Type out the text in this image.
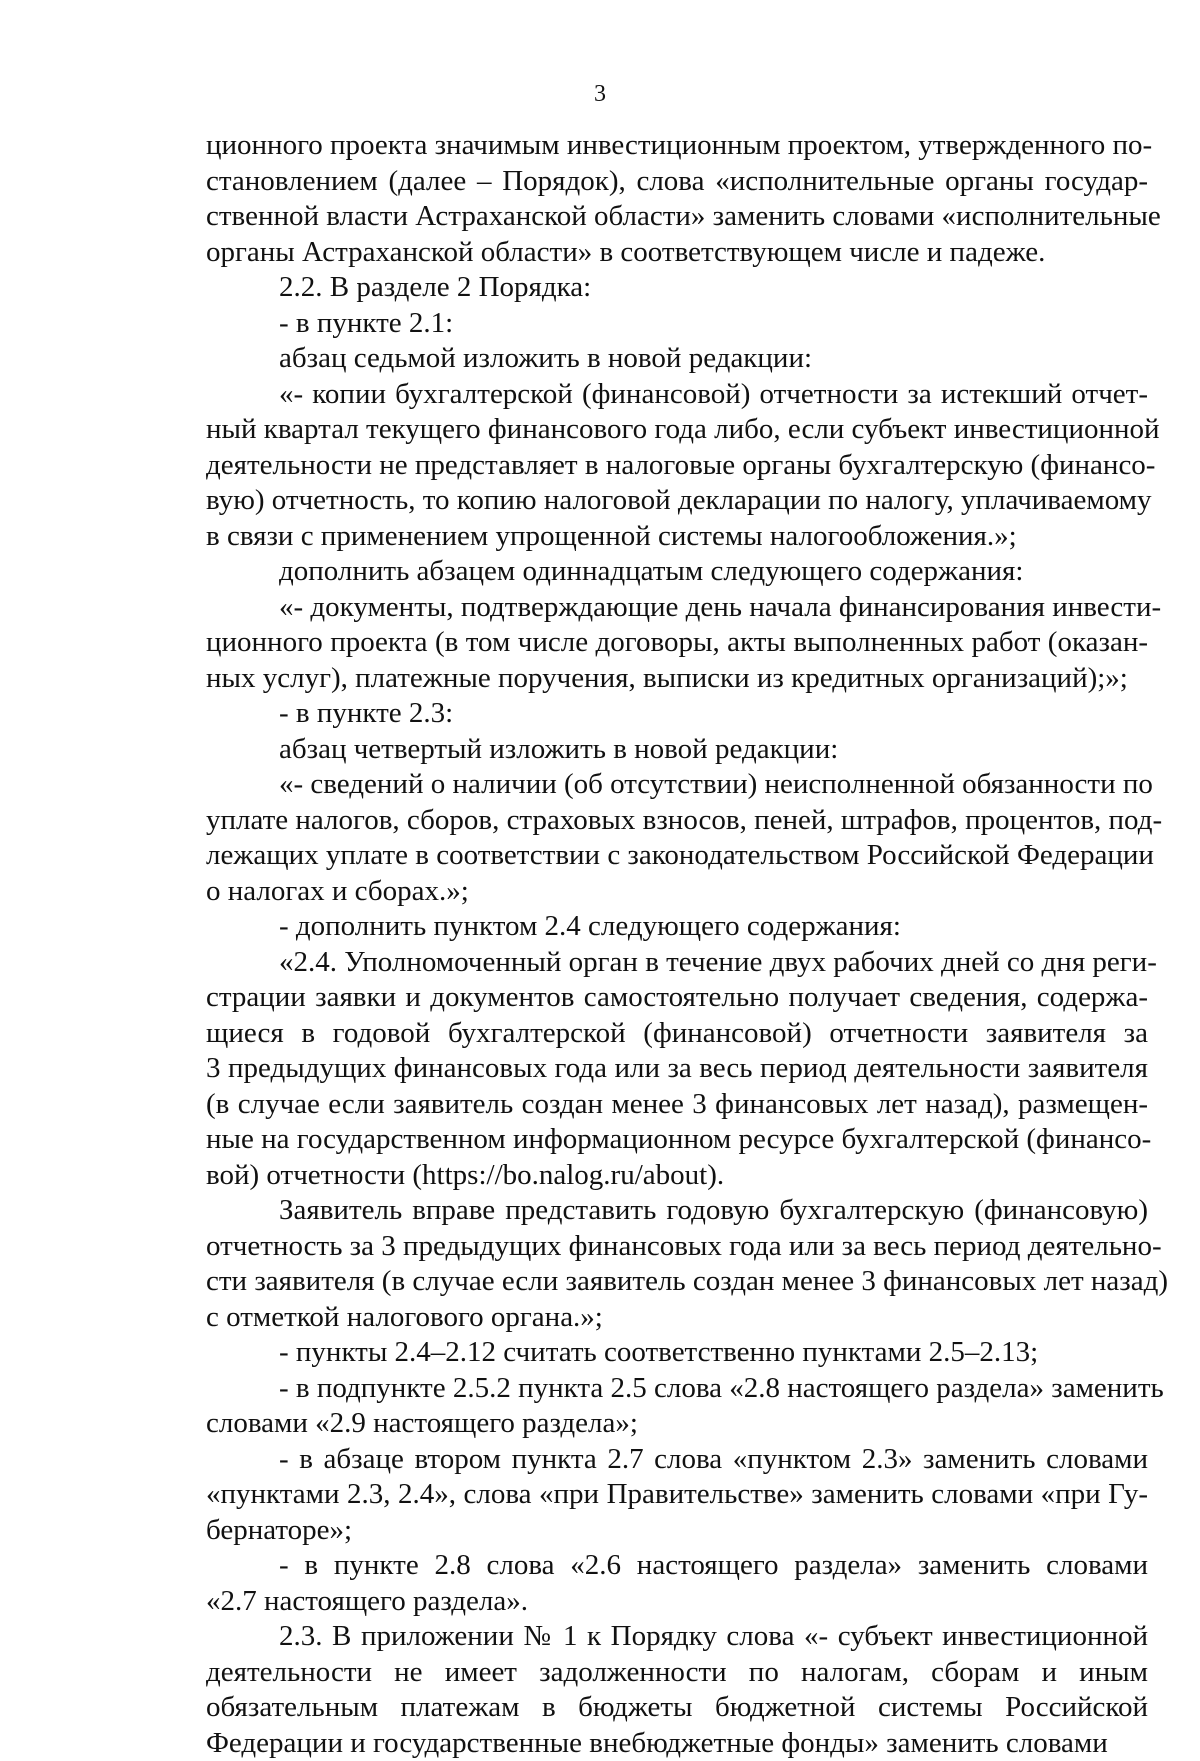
3
ционного проекта значимым инвестиционным проектом, утвержденного по-
становлением (далее – Порядок), слова «исполнительные органы государ-
ственной власти Астраханской области» заменить словами «исполнительные
органы Астраханской области» в соответствующем числе и падеже.
2.2. В разделе 2 Порядка:
- в пункте 2.1:
абзац седьмой изложить в новой редакции:
«- копии бухгалтерской (финансовой) отчетности за истекший отчет-
ный квартал текущего финансового года либо, если субъект инвестиционной
деятельности не представляет в налоговые органы бухгалтерскую (финансо-
вую) отчетность, то копию налоговой декларации по налогу, уплачиваемому
в связи с применением упрощенной системы налогообложения.»;
дополнить абзацем одиннадцатым следующего содержания:
«- документы, подтверждающие день начала финансирования инвести-
ционного проекта (в том числе договоры, акты выполненных работ (оказан-
ных услуг), платежные поручения, выписки из кредитных организаций);»;
- в пункте 2.3:
абзац четвертый изложить в новой редакции:
«- сведений о наличии (об отсутствии) неисполненной обязанности по
уплате налогов, сборов, страховых взносов, пеней, штрафов, процентов, под-
лежащих уплате в соответствии с законодательством Российской Федерации
о налогах и сборах.»;
- дополнить пунктом 2.4 следующего содержания:
«2.4. Уполномоченный орган в течение двух рабочих дней со дня реги-
страции заявки и документов самостоятельно получает сведения, содержа-
щиеся в годовой бухгалтерской (финансовой) отчетности заявителя за
3 предыдущих финансовых года или за весь период деятельности заявителя
(в случае если заявитель создан менее 3 финансовых лет назад), размещен-
ные на государственном информационном ресурсе бухгалтерской (финансо-
вой) отчетности (https://bo.nalog.ru/about).
Заявитель вправе представить годовую бухгалтерскую (финансовую)
отчетность за 3 предыдущих финансовых года или за весь период деятельно-
сти заявителя (в случае если заявитель создан менее 3 финансовых лет назад)
с отметкой налогового органа.»;
- пункты 2.4–2.12 считать соответственно пунктами 2.5–2.13;
- в подпункте 2.5.2 пункта 2.5 слова «2.8 настоящего раздела» заменить
словами «2.9 настоящего раздела»;
- в абзаце втором пункта 2.7 слова «пунктом 2.3» заменить словами
«пунктами 2.3, 2.4», слова «при Правительстве» заменить словами «при Гу-
бернаторе»;
- в пункте 2.8 слова «2.6 настоящего раздела» заменить словами
«2.7 настоящего раздела».
2.3. В приложении № 1 к Порядку слова «- субъект инвестиционной
деятельности не имеет задолженности по налогам, сборам и иным
обязательным платежам в бюджеты бюджетной системы Российской
Федерации и государственные внебюджетные фонды» заменить словами
